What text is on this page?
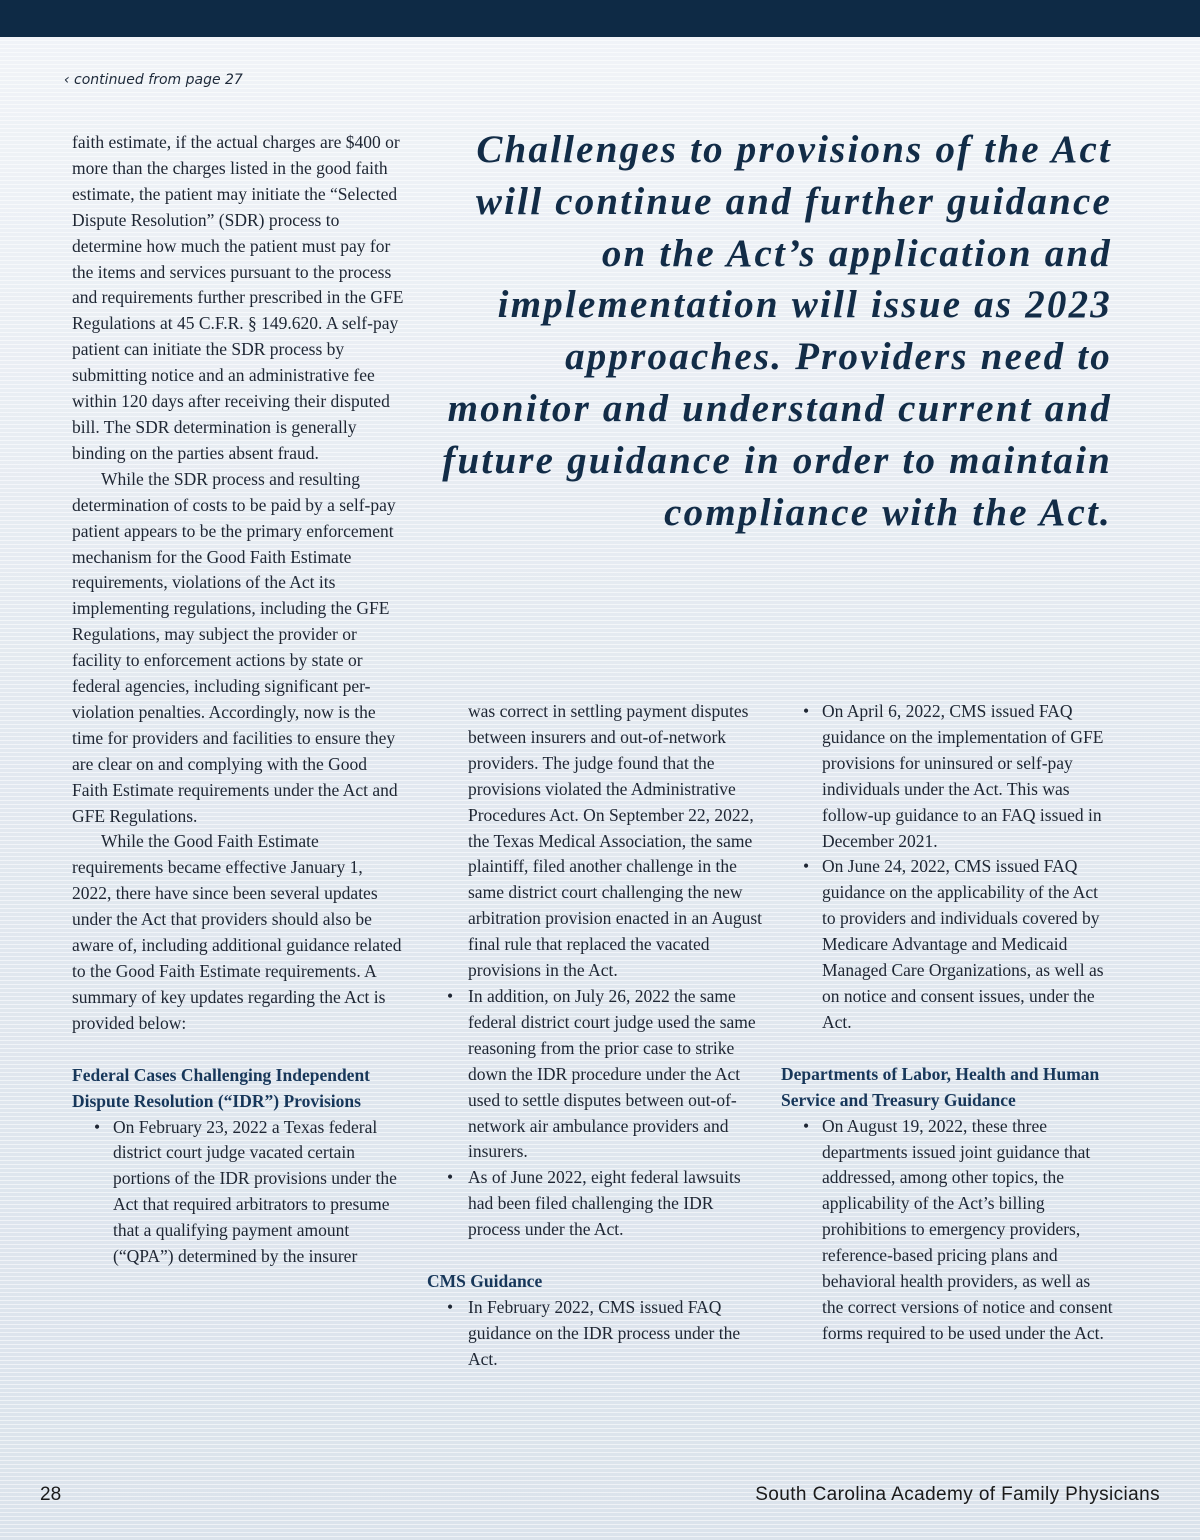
‹ continued from page 27

faith estimate, if the actual charges are $400 or more than the charges listed in the good faith estimate, the patient may initiate the “Selected Dispute Resolution” (SDR) process to determine how much the patient must pay for the items and services pursuant to the process and requirements further prescribed in the GFE Regulations at 45 C.F.R. § 149.620. A self-pay patient can initiate the SDR process by submitting notice and an administrative fee within 120 days after receiving their disputed bill. The SDR determination is generally binding on the parties absent fraud.

While the SDR process and resulting determination of costs to be paid by a self-pay patient appears to be the primary enforcement mechanism for the Good Faith Estimate requirements, violations of the Act its implementing regulations, including the GFE Regulations, may subject the provider or facility to enforcement actions by state or federal agencies, including significant per-violation penalties. Accordingly, now is the time for providers and facilities to ensure they are clear on and complying with the Good Faith Estimate requirements under the Act and GFE Regulations.

While the Good Faith Estimate requirements became effective January 1, 2022, there have since been several updates under the Act that providers should also be aware of, including additional guidance related to the Good Faith Estimate requirements. A summary of key updates regarding the Act is provided below:

Federal Cases Challenging Independent Dispute Resolution (“IDR”) Provisions

• On February 23, 2022 a Texas federal district court judge vacated certain portions of the IDR provisions under the Act that required arbitrators to presume that a qualifying payment amount (“QPA”) determined by the insurer
Challenges to provisions of the Act will continue and further guidance on the Act’s application and implementation will issue as 2023 approaches. Providers need to monitor and understand current and future guidance in order to maintain compliance with the Act.
was correct in settling payment disputes between insurers and out-of-network providers. The judge found that the provisions violated the Administrative Procedures Act. On September 22, 2022, the Texas Medical Association, the same plaintiff, filed another challenge in the same district court challenging the new arbitration provision enacted in an August final rule that replaced the vacated provisions in the Act.
• In addition, on July 26, 2022 the same federal district court judge used the same reasoning from the prior case to strike down the IDR procedure under the Act used to settle disputes between out-of-network air ambulance providers and insurers.
• As of June 2022, eight federal lawsuits had been filed challenging the IDR process under the Act.

CMS Guidance

• In February 2022, CMS issued FAQ guidance on the IDR process under the Act.
• On April 6, 2022, CMS issued FAQ guidance on the implementation of GFE provisions for uninsured or self-pay individuals under the Act. This was follow-up guidance to an FAQ issued in December 2021.
• On June 24, 2022, CMS issued FAQ guidance on the applicability of the Act to providers and individuals covered by Medicare Advantage and Medicaid Managed Care Organizations, as well as on notice and consent issues, under the Act.

Departments of Labor, Health and Human Service and Treasury Guidance

• On August 19, 2022, these three departments issued joint guidance that addressed, among other topics, the applicability of the Act’s billing prohibitions to emergency providers, reference-based pricing plans and behavioral health providers, as well as the correct versions of notice and consent forms required to be used under the Act.
28	South Carolina Academy of Family Physicians
